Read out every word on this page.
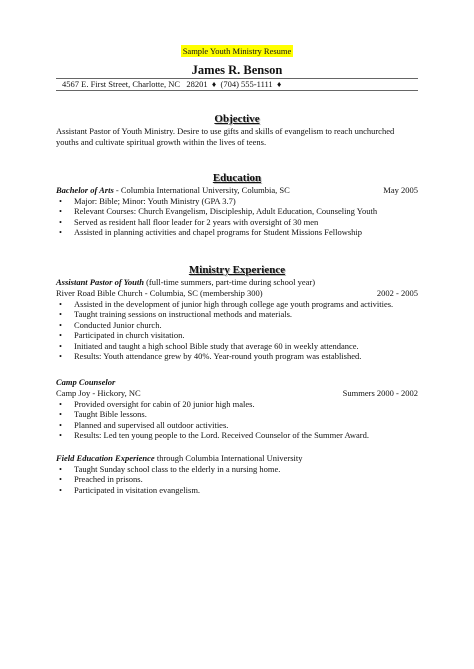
Sample Youth Ministry Resume
James R. Benson
4567 E. First Street, Charlotte, NC   28201 ♦ (704) 555-1111 ♦
Objective
Assistant Pastor of Youth Ministry. Desire to use gifts and skills of evangelism to reach unchurched youths and cultivate spiritual growth within the lives of teens.
Education
Bachelor of Arts - Columbia International University, Columbia, SC	May 2005
• Major: Bible; Minor: Youth Ministry (GPA 3.7)
• Relevant Courses: Church Evangelism, Discipleship, Adult Education, Counseling Youth
• Served as resident hall floor leader for 2 years with oversight of 30 men
• Assisted in planning activities and chapel programs for Student Missions Fellowship
Ministry Experience
Assistant Pastor of Youth (full-time summers, part-time during school year)
River Road Bible Church - Columbia, SC (membership 300)	2002 - 2005
• Assisted in the development of junior high through college age youth programs and activities.
• Taught training sessions on instructional methods and materials.
• Conducted Junior church.
• Participated in church visitation.
• Initiated and taught a high school Bible study that average 60 in weekly attendance.
• Results: Youth attendance grew by 40%. Year-round youth program was established.
Camp Counselor
Camp Joy - Hickory, NC	Summers 2000 - 2002
• Provided oversight for cabin of 20 junior high males.
• Taught Bible lessons.
• Planned and supervised all outdoor activities.
• Results: Led ten young people to the Lord. Received Counselor of the Summer Award.
Field Education Experience through Columbia International University
• Taught Sunday school class to the elderly in a nursing home.
• Preached in prisons.
• Participated in visitation evangelism.
